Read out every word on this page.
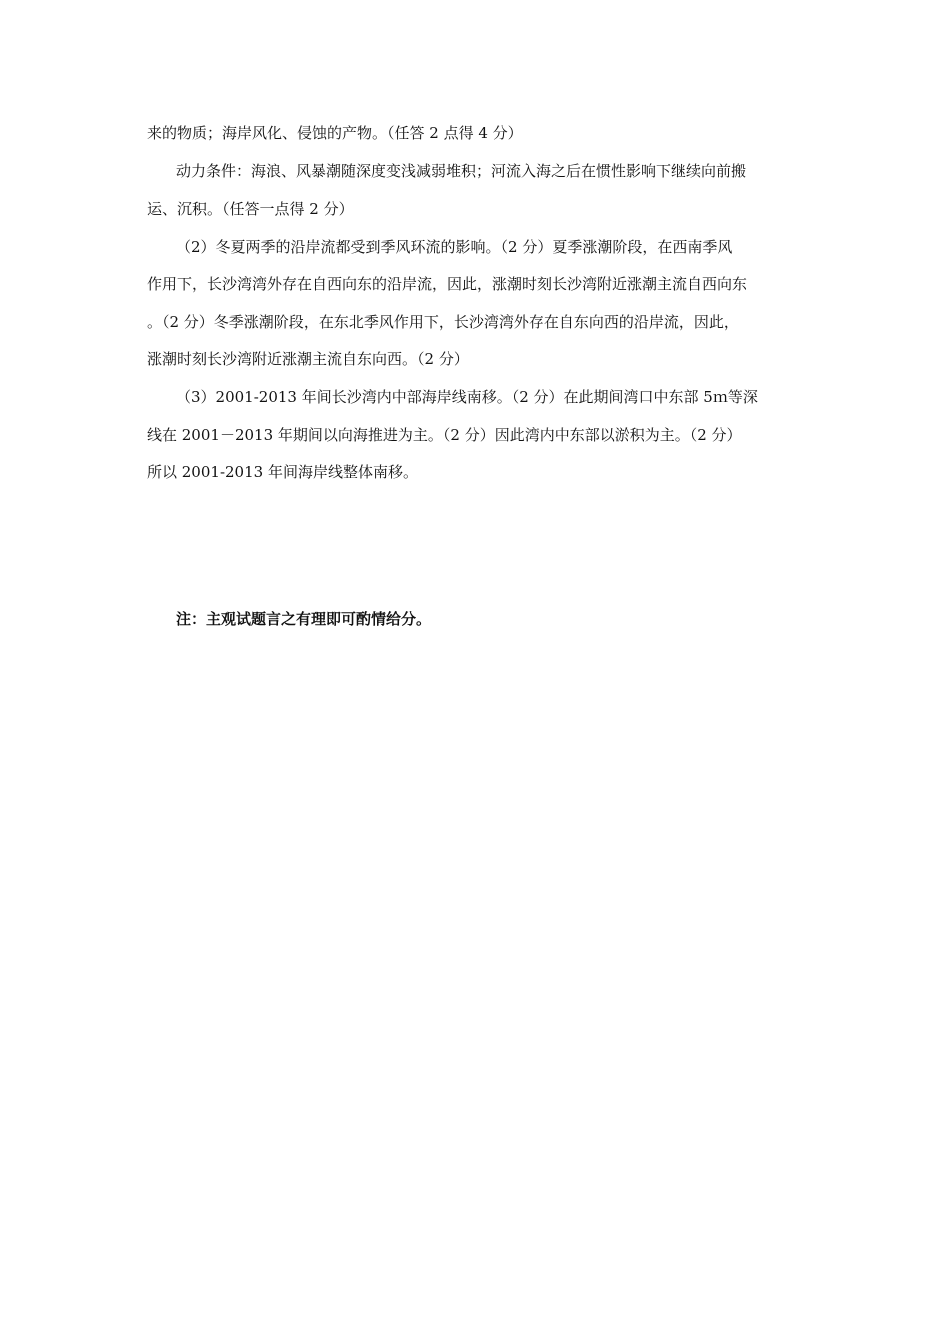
来的物质；海岸风化、侵蚀的产物。（任答 2 点得 4 分）
动力条件：海浪、风暴潮随深度变浅减弱堆积；河流入海之后在惯性影响下继续向前搬
运、沉积。（任答一点得 2 分）
（2）冬夏两季的沿岸流都受到季风环流的影响。（2 分）夏季涨潮阶段，在西南季风
作用下，长沙湾湾外存在自西向东的沿岸流，因此，涨潮时刻长沙湾附近涨潮主流自西向东
。（2 分）冬季涨潮阶段，在东北季风作用下，长沙湾湾外存在自东向西的沿岸流，因此，
涨潮时刻长沙湾附近涨潮主流自东向西。（2 分）
（3）2001-2013 年间长沙湾内中部海岸线南移。（2 分）在此期间湾口中东部 5ｍ等深
线在 2001－2013 年期间以向海推进为主。（2 分）因此湾内中东部以淤积为主。（2 分）
所以 2001-2013 年间海岸线整体南移。
注：主观试题言之有理即可酌情给分。
